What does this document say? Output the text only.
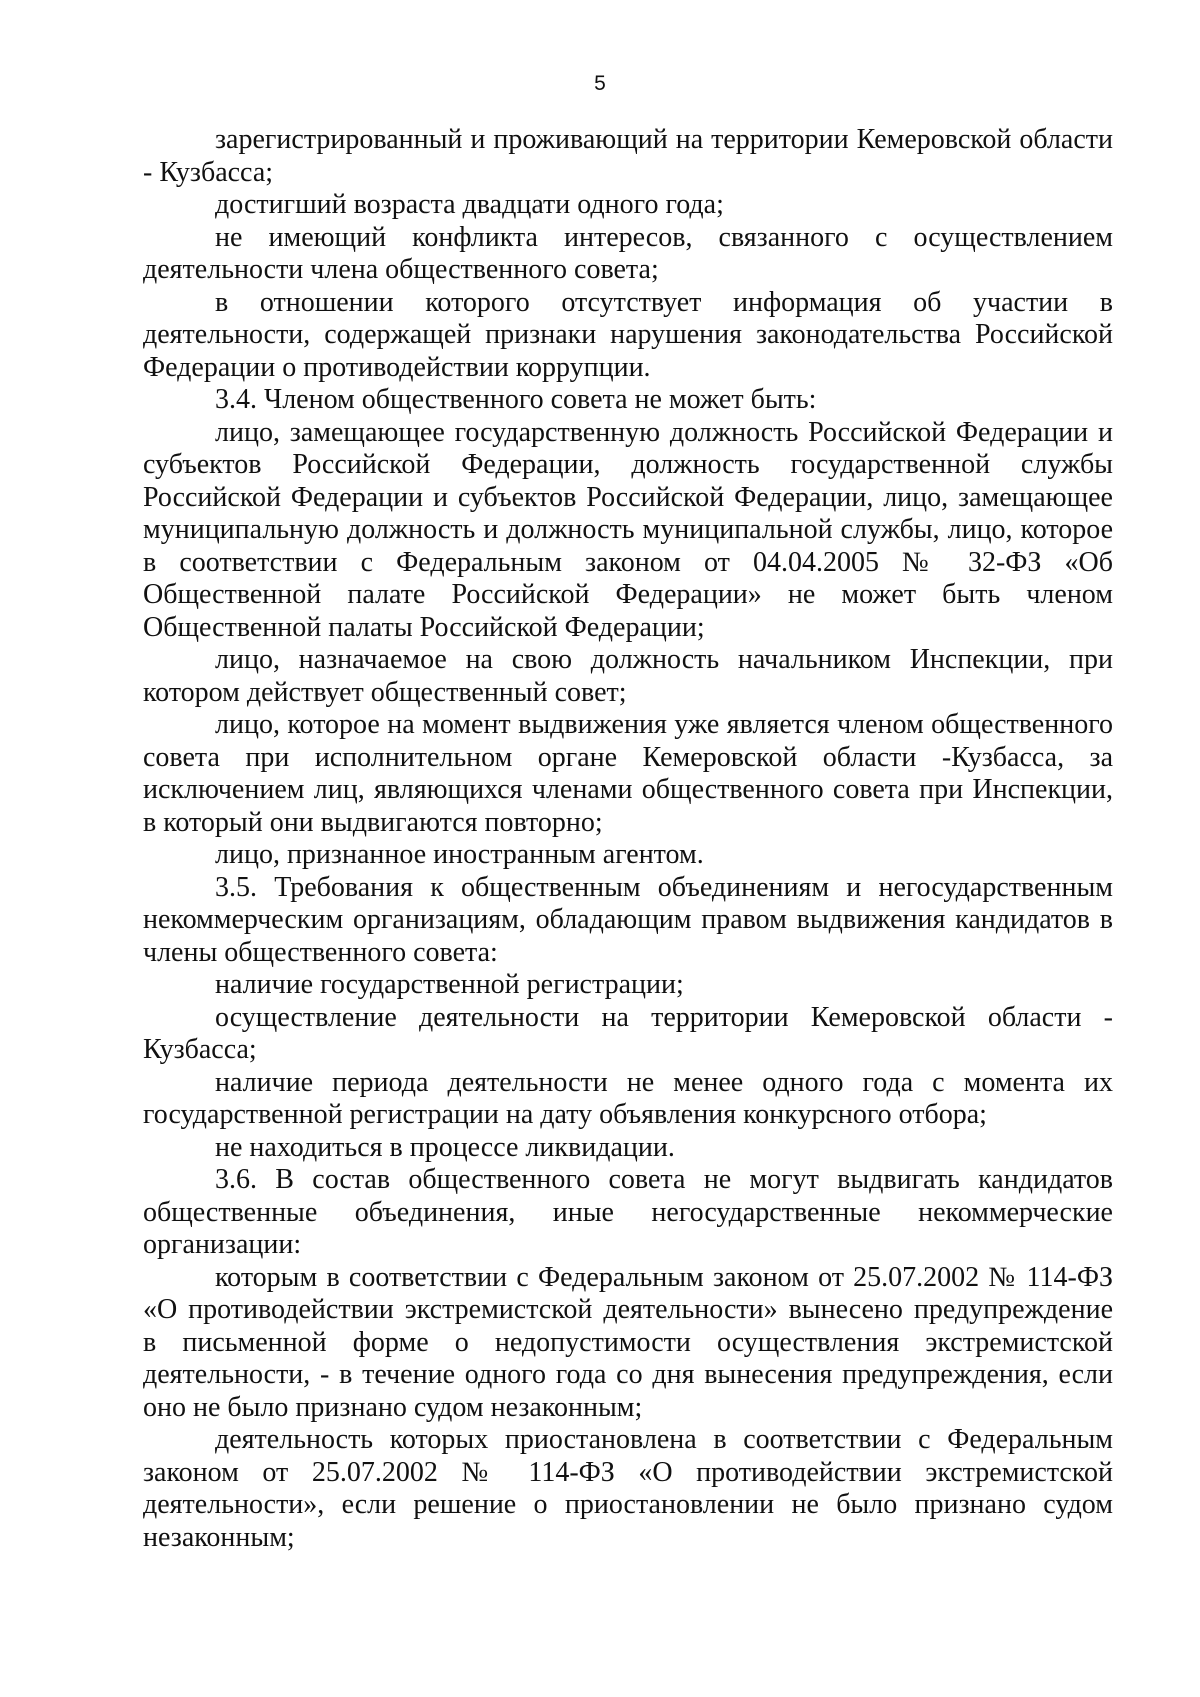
5

зарегистрированный и проживающий на территории Кемеровской области - Кузбасса;

достигший возраста двадцати одного года;

не имеющий конфликта интересов, связанного с осуществлением деятельности члена общественного совета;

в отношении которого отсутствует информация об участии в деятельности, содержащей признаки нарушения законодательства Российской Федерации о противодействии коррупции.

3.4. Членом общественного совета не может быть:

лицо, замещающее государственную должность Российской Федерации и субъектов Российской Федерации, должность государственной службы Российской Федерации и субъектов Российской Федерации, лицо, замещающее муниципальную должность и должность муниципальной службы, лицо, которое в соответствии с Федеральным законом от 04.04.2005 № 32-ФЗ «Об Общественной палате Российской Федерации» не может быть членом Общественной палаты Российской Федерации;

лицо, назначаемое на свою должность начальником Инспекции, при котором действует общественный совет;

лицо, которое на момент выдвижения уже является членом общественного совета при исполнительном органе Кемеровской области -Кузбасса, за исключением лиц, являющихся членами общественного совета при Инспекции, в который они выдвигаются повторно;

лицо, признанное иностранным агентом.

3.5. Требования к общественным объединениям и негосударственным некоммерческим организациям, обладающим правом выдвижения кандидатов в члены общественного совета:

наличие государственной регистрации;

осуществление деятельности на территории Кемеровской области - Кузбасса;

наличие периода деятельности не менее одного года с момента их государственной регистрации на дату объявления конкурсного отбора;

не находиться в процессе ликвидации.

3.6. В состав общественного совета не могут выдвигать кандидатов общественные объединения, иные негосударственные некоммерческие организации:

которым в соответствии с Федеральным законом от 25.07.2002 № 114-ФЗ «О противодействии экстремистской деятельности» вынесено предупреждение в письменной форме о недопустимости осуществления экстремистской деятельности, - в течение одного года со дня вынесения предупреждения, если оно не было признано судом незаконным;

деятельность которых приостановлена в соответствии с Федеральным законом от 25.07.2002 № 114-ФЗ «О противодействии экстремистской деятельности», если решение о приостановлении не было признано судом незаконным;
